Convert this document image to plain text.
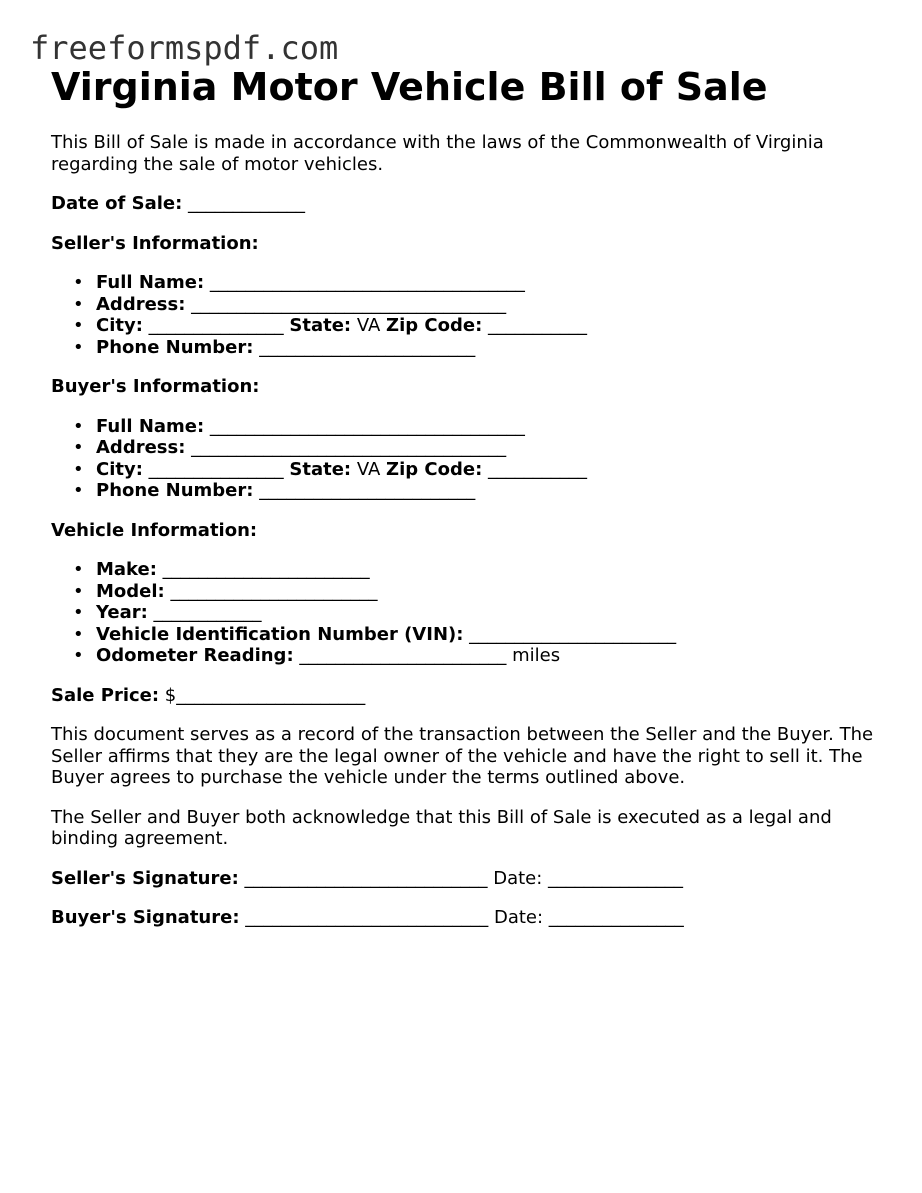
freeformspdf.com
Virginia Motor Vehicle Bill of Sale

This Bill of Sale is made in accordance with the laws of the Commonwealth of Virginia regarding the sale of motor vehicles.

Date of Sale: _____________

Seller's Information:

• Full Name: ___________________________________
• Address: ___________________________________
• City: _______________ State: VA Zip Code: ___________
• Phone Number: ________________________

Buyer's Information:

• Full Name: ___________________________________
• Address: ___________________________________
• City: _______________ State: VA Zip Code: ___________
• Phone Number: ________________________

Vehicle Information:

• Make: _______________________
• Model: _______________________
• Year: ____________
• Vehicle Identification Number (VIN): _______________________
• Odometer Reading: _______________________ miles

Sale Price: $_____________________

This document serves as a record of the transaction between the Seller and the Buyer. The Seller affirms that they are the legal owner of the vehicle and have the right to sell it. The Buyer agrees to purchase the vehicle under the terms outlined above.

The Seller and Buyer both acknowledge that this Bill of Sale is executed as a legal and binding agreement.

Seller's Signature: ___________________________ Date: _______________

Buyer's Signature: ___________________________ Date: _______________
